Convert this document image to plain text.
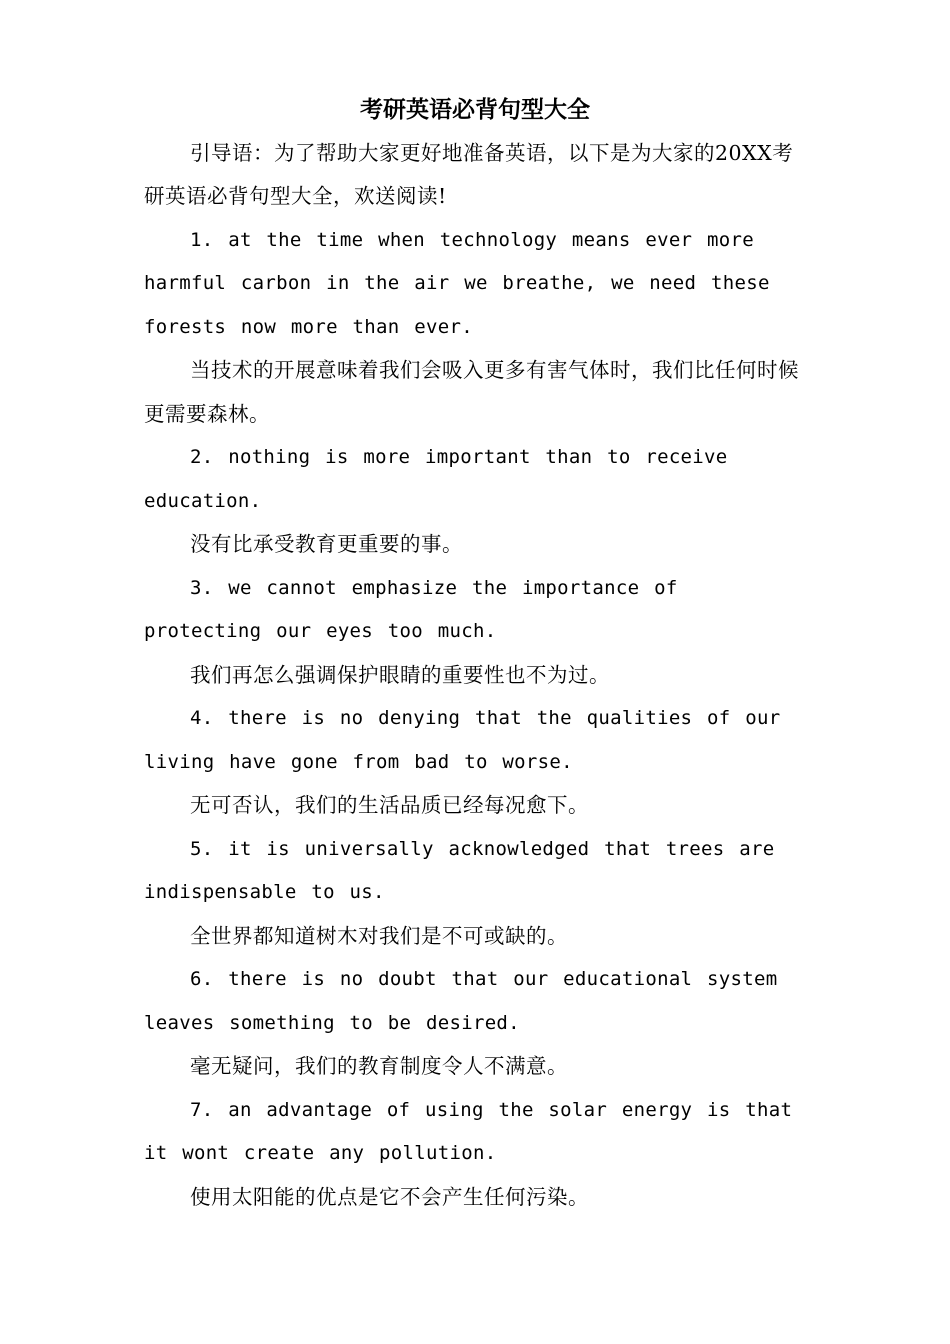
考研英语必背句型大全

引导语：为了帮助大家更好地准备英语，以下是为大家的20XX考研英语必背句型大全，欢送阅读!

1. at the time when technology means ever more harmful carbon in the air we breathe, we need these forests now more than ever.

当技术的开展意味着我们会吸入更多有害气体时，我们比任何时候更需要森林。

2. nothing is more important than to receive education.

没有比承受教育更重要的事。

3. we cannot emphasize the importance of protecting our eyes too much.

我们再怎么强调保护眼睛的重要性也不为过。

4. there is no denying that the qualities of our living have gone from bad to worse.

无可否认，我们的生活品质已经每况愈下。

5. it is universally acknowledged that trees are indispensable to us.

全世界都知道树木对我们是不可或缺的。

6. there is no doubt that our educational system leaves something to be desired.

毫无疑问，我们的教育制度令人不满意。

7. an advantage of using the solar energy is that it wont create any pollution.

使用太阳能的优点是它不会产生任何污染。
